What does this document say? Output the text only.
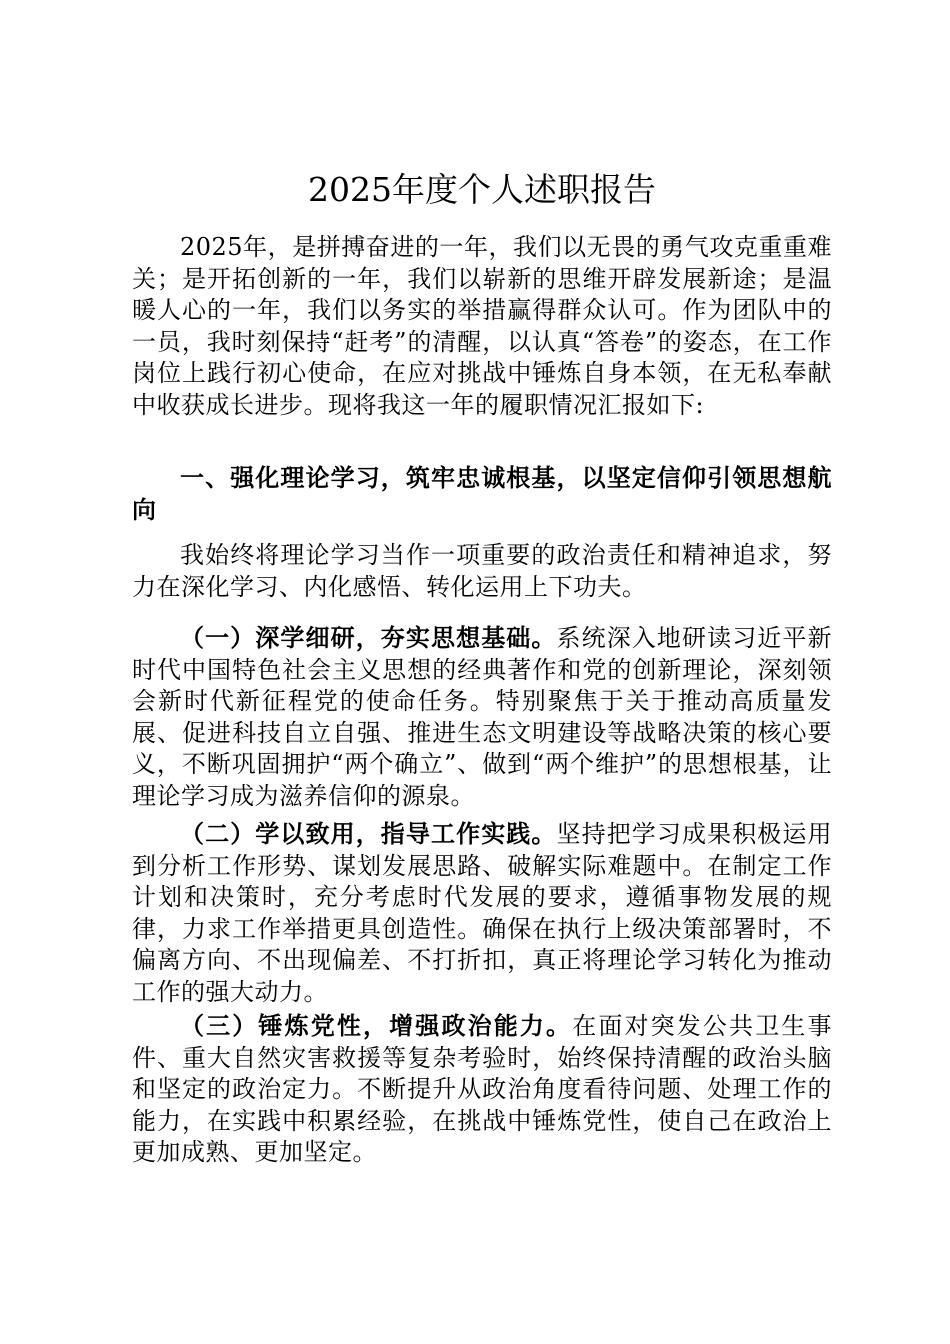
2025年度个人述职报告

2025年，是拼搏奋进的一年，我们以无畏的勇气攻克重重难关；是开拓创新的一年，我们以崭新的思维开辟发展新途；是温暖人心的一年，我们以务实的举措赢得群众认可。作为团队中的一员，我时刻保持“赶考”的清醒，以认真“答卷”的姿态，在工作岗位上践行初心使命，在应对挑战中锤炼自身本领，在无私奉献中收获成长进步。现将我这一年的履职情况汇报如下:

一、强化理论学习，筑牢忠诚根基，以坚定信仰引领思想航向

我始终将理论学习当作一项重要的政治责任和精神追求，努力在深化学习、内化感悟、转化运用上下功夫。

（一）深学细研，夯实思想基础。系统深入地研读习近平新时代中国特色社会主义思想的经典著作和党的创新理论，深刻领会新时代新征程党的使命任务。特别聚焦于关于推动高质量发展、促进科技自立自强、推进生态文明建设等战略决策的核心要义，不断巩固拥护“两个确立”、做到“两个维护”的思想根基，让理论学习成为滋养信仰的源泉。

（二）学以致用，指导工作实践。坚持把学习成果积极运用到分析工作形势、谋划发展思路、破解实际难题中。在制定工作计划和决策时，充分考虑时代发展的要求，遵循事物发展的规律，力求工作举措更具创造性。确保在执行上级决策部署时，不偏离方向、不出现偏差、不打折扣，真正将理论学习转化为推动工作的强大动力。

（三）锤炼党性，增强政治能力。在面对突发公共卫生事件、重大自然灾害救援等复杂考验时，始终保持清醒的政治头脑和坚定的政治定力。不断提升从政治角度看待问题、处理工作的能力，在实践中积累经验，在挑战中锤炼党性，使自己在政治上更加成熟、更加坚定。
